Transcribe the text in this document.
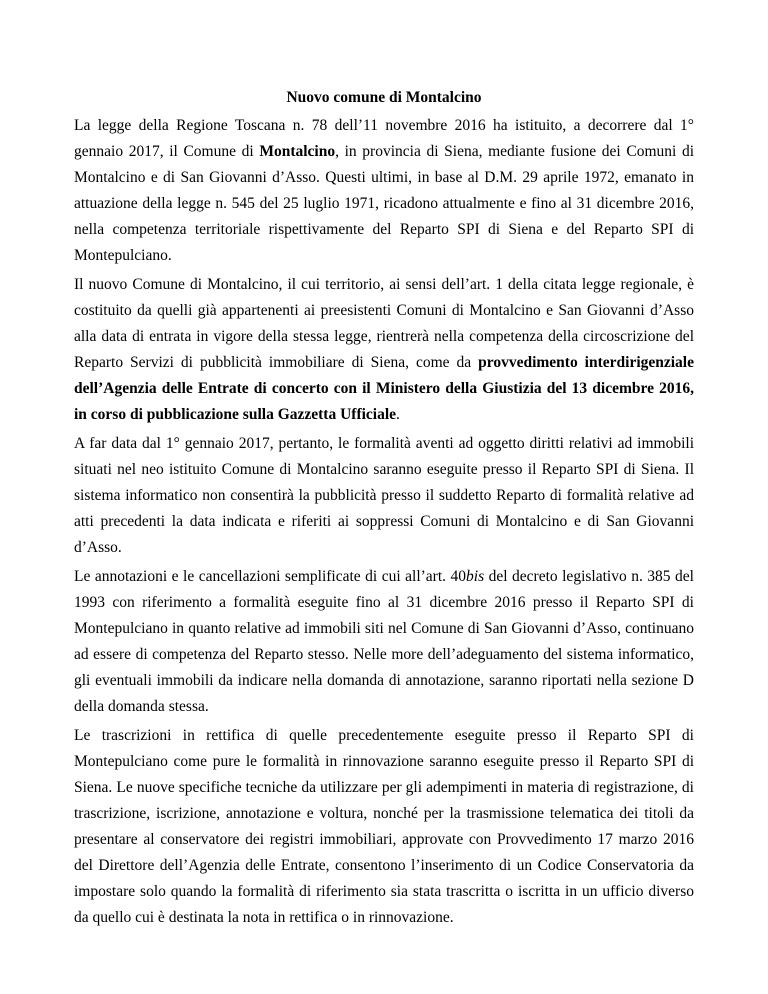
Nuovo comune di Montalcino

La legge della Regione Toscana n. 78 dell’11 novembre 2016 ha istituito, a decorrere dal 1° gennaio 2017, il Comune di Montalcino, in provincia di Siena, mediante fusione dei Comuni di Montalcino e di San Giovanni d’Asso. Questi ultimi, in base al D.M. 29 aprile 1972, emanato in attuazione della legge n. 545 del 25 luglio 1971, ricadono attualmente e fino al 31 dicembre 2016, nella competenza territoriale rispettivamente del Reparto SPI di Siena e del Reparto SPI di Montepulciano.

Il nuovo Comune di Montalcino, il cui territorio, ai sensi dell’art. 1 della citata legge regionale, è costituito da quelli già appartenenti ai preesistenti Comuni di Montalcino e San Giovanni d’Asso alla data di entrata in vigore della stessa legge, rientrerà nella competenza della circoscrizione del Reparto Servizi di pubblicità immobiliare di Siena, come da provvedimento interdirigenziale dell’Agenzia delle Entrate di concerto con il Ministero della Giustizia del 13 dicembre 2016, in corso di pubblicazione sulla Gazzetta Ufficiale.

A far data dal 1° gennaio 2017, pertanto, le formalità aventi ad oggetto diritti relativi ad immobili situati nel neo istituito Comune di Montalcino saranno eseguite presso il Reparto SPI di Siena. Il sistema informatico non consentirà la pubblicità presso il suddetto Reparto di formalità relative ad atti precedenti la data indicata e riferiti ai soppressi Comuni di Montalcino e di San Giovanni d’Asso.

Le annotazioni e le cancellazioni semplificate di cui all’art. 40bis del decreto legislativo n. 385 del 1993 con riferimento a formalità eseguite fino al 31 dicembre 2016 presso il Reparto SPI di Montepulciano in quanto relative ad immobili siti nel Comune di San Giovanni d’Asso, continuano ad essere di competenza del Reparto stesso. Nelle more dell’adeguamento del sistema informatico, gli eventuali immobili da indicare nella domanda di annotazione, saranno riportati nella sezione D della domanda stessa.

Le trascrizioni in rettifica di quelle precedentemente eseguite presso il Reparto SPI di Montepulciano come pure le formalità in rinnovazione saranno eseguite presso il Reparto SPI di Siena. Le nuove specifiche tecniche da utilizzare per gli adempimenti in materia di registrazione, di trascrizione, iscrizione, annotazione e voltura, nonché per la trasmissione telematica dei titoli da presentare al conservatore dei registri immobiliari, approvate con Provvedimento 17 marzo 2016 del Direttore dell’Agenzia delle Entrate, consentono l’inserimento di un Codice Conservatoria da impostare solo quando la formalità di riferimento sia stata trascritta o iscritta in un ufficio diverso da quello cui è destinata la nota in rettifica o in rinnovazione.
